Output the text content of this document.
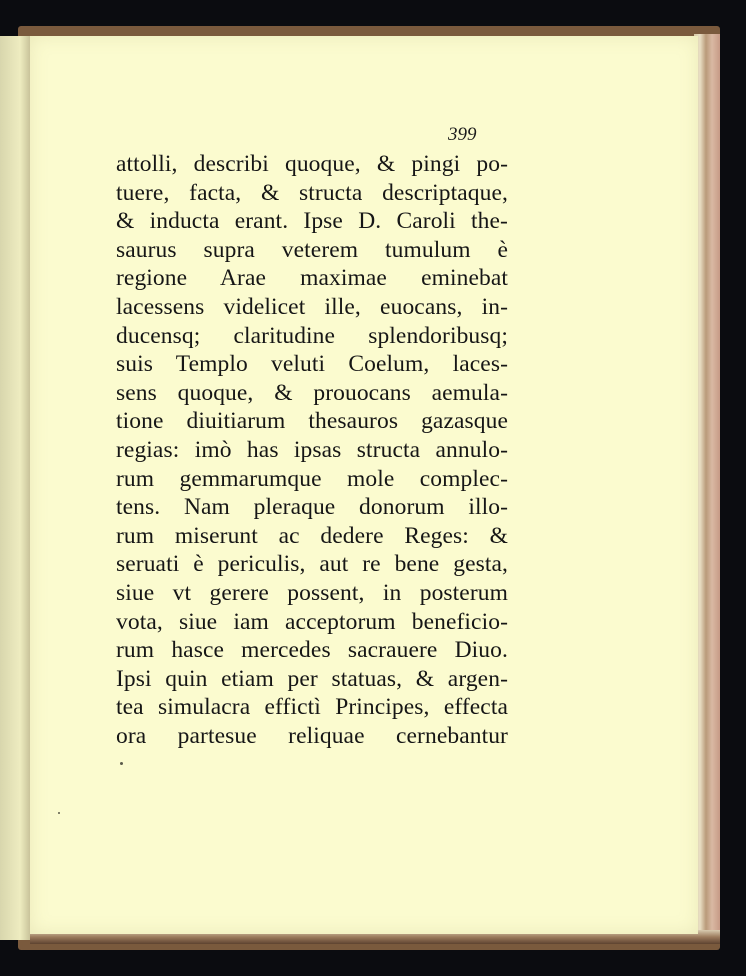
399
attolli, describi quoque, & pingi po-
tuere, facta, & structa descriptaque,
& inducta erant. Ipse D. Caroli the-
saurus supra veterem tumulum è
regione Arae maximae eminebat
lacessens videlicet ille, euocans, in-
ducensq; claritudine splendoribusq;
suis Templo veluti Coelum, laces-
sens quoque, & prouocans aemula-
tione diuitiarum thesauros gazasque
regias: imò has ipsas structa annulo-
rum gemmarumque mole complec-
tens. Nam pleraque donorum illo-
rum miserunt ac dedere Reges: &
seruati è periculis, aut re bene gesta,
siue vt gerere possent, in posterum
vota, siue iam acceptorum beneficio-
rum hasce mercedes sacrauere Diuo.
Ipsi quin etiam per statuas, & argen-
tea simulacra effictì Principes, effecta
ora partesue reliquae cernebantur
